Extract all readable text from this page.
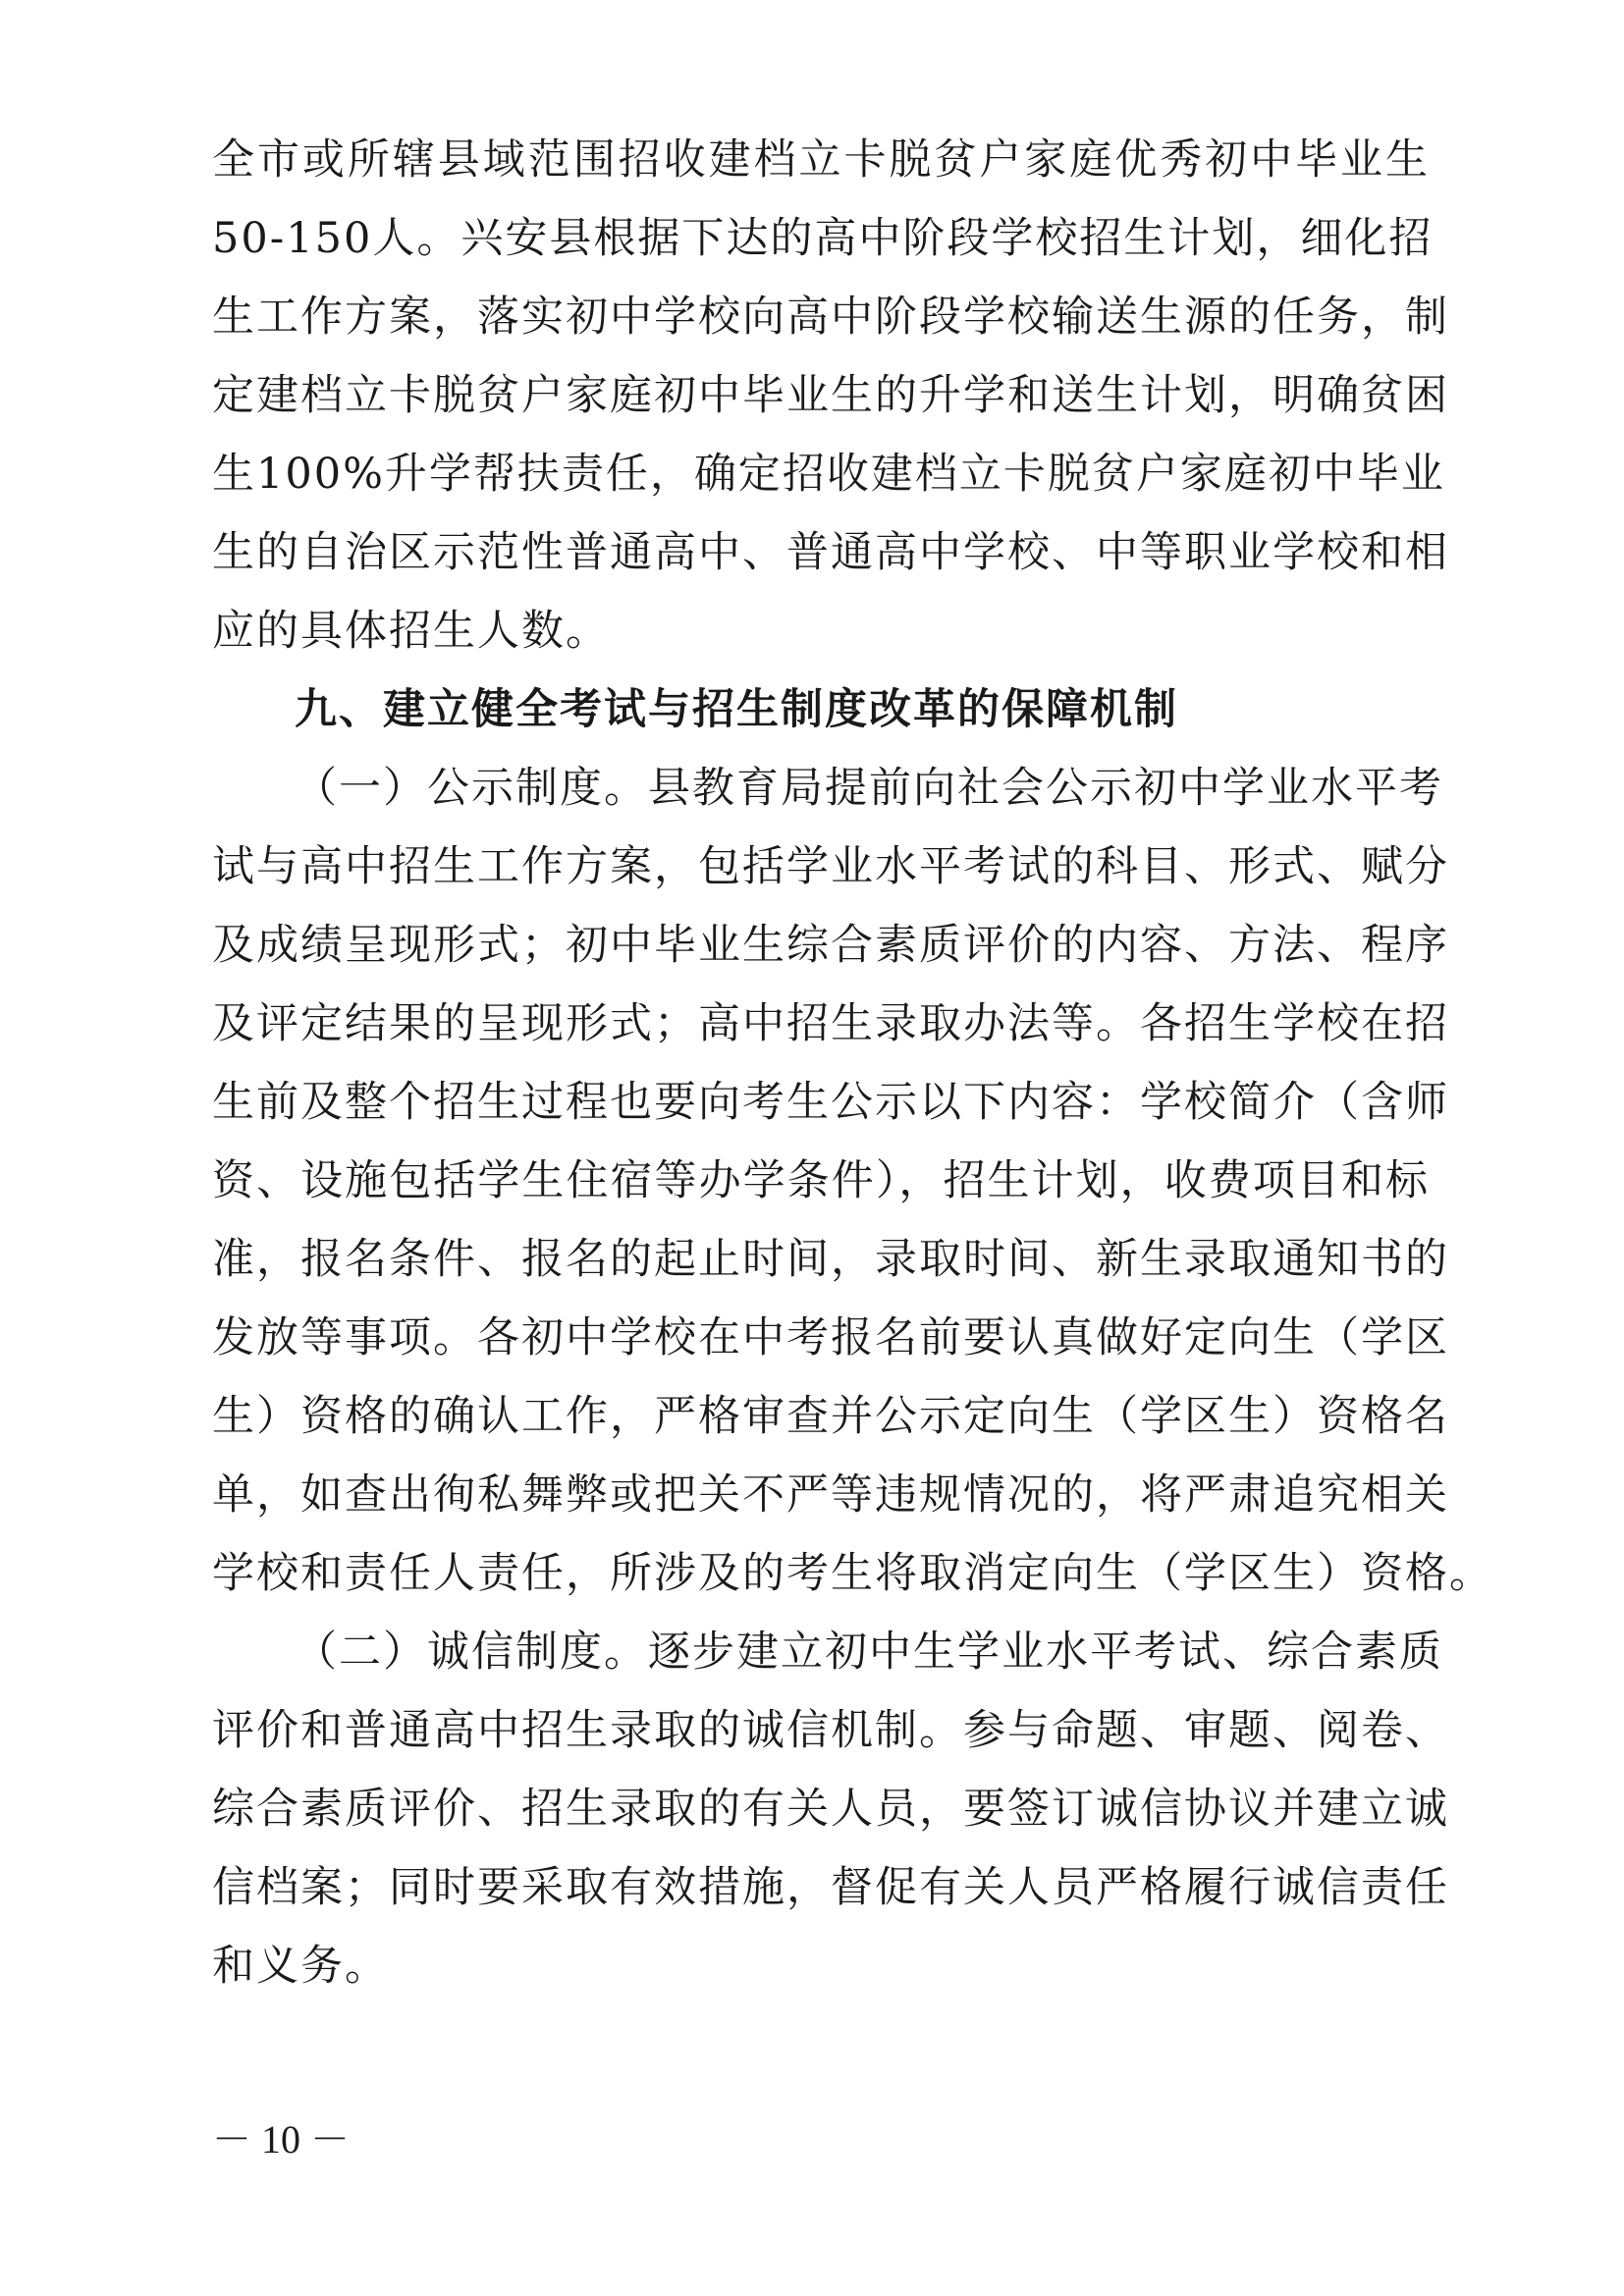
全市或所辖县域范围招收建档立卡脱贫户家庭优秀初中毕业生
50-150人。兴安县根据下达的高中阶段学校招生计划，细化招
生工作方案，落实初中学校向高中阶段学校输送生源的任务，制
定建档立卡脱贫户家庭初中毕业生的升学和送生计划，明确贫困
生100%升学帮扶责任，确定招收建档立卡脱贫户家庭初中毕业
生的自治区示范性普通高中、普通高中学校、中等职业学校和相
应的具体招生人数。
九、建立健全考试与招生制度改革的保障机制
（一）公示制度。县教育局提前向社会公示初中学业水平考
试与高中招生工作方案，包括学业水平考试的科目、形式、赋分
及成绩呈现形式；初中毕业生综合素质评价的内容、方法、程序
及评定结果的呈现形式；高中招生录取办法等。各招生学校在招
生前及整个招生过程也要向考生公示以下内容：学校简介（含师
资、设施包括学生住宿等办学条件），招生计划，收费项目和标
准，报名条件、报名的起止时间，录取时间、新生录取通知书的
发放等事项。各初中学校在中考报名前要认真做好定向生（学区
生）资格的确认工作，严格审查并公示定向生（学区生）资格名
单，如查出徇私舞弊或把关不严等违规情况的，将严肃追究相关
学校和责任人责任，所涉及的考生将取消定向生（学区生）资格。
（二）诚信制度。逐步建立初中生学业水平考试、综合素质
评价和普通高中招生录取的诚信机制。参与命题、审题、阅卷、
综合素质评价、招生录取的有关人员，要签订诚信协议并建立诚
信档案；同时要采取有效措施，督促有关人员严格履行诚信责任
和义务。
－ 10 －
